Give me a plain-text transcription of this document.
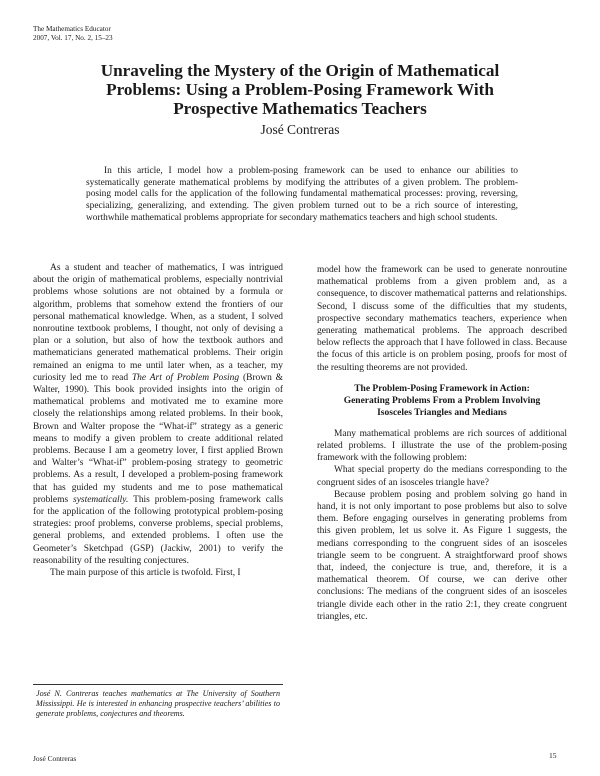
The Mathematics Educator
2007, Vol. 17, No. 2, 15–23
Unraveling the Mystery of the Origin of Mathematical
Problems: Using a Problem-Posing Framework With
Prospective Mathematics Teachers
José Contreras

In this article, I model how a problem-posing framework can be used to enhance our abilities to systematically generate mathematical problems by modifying the attributes of a given problem. The problem-posing model calls for the application of the following fundamental mathematical processes: proving, reversing, specializing, generalizing, and extending. The given problem turned out to be a rich source of interesting, worthwhile mathematical problems appropriate for secondary mathematics teachers and high school students.

As a student and teacher of mathematics, I was intrigued about the origin of mathematical problems, especially nontrivial problems whose solutions are not obtained by a formula or algorithm, problems that somehow extend the frontiers of our personal mathematical knowledge. When, as a student, I solved nonroutine textbook problems, I thought, not only of devising a plan or a solution, but also of how the textbook authors and mathematicians generated mathematical problems. Their origin remained an enigma to me until later when, as a teacher, my curiosity led me to read The Art of Problem Posing (Brown & Walter, 1990). This book provided insights into the origin of mathematical problems and motivated me to examine more closely the relationships among related problems. In their book, Brown and Walter propose the “What-if” strategy as a generic means to modify a given problem to create additional related problems. Because I am a geometry lover, I first applied Brown and Walter’s “What-if” problem-posing strategy to geometric problems. As a result, I developed a problem-posing framework that has guided my students and me to pose mathematical problems systematically. This problem-posing framework calls for the application of the following prototypical problem-posing strategies: proof problems, converse problems, special problems, general problems, and extended problems. I often use the Geometer’s Sketchpad (GSP) (Jackiw, 2001) to verify the reasonability of the resulting conjectures.

The main purpose of this article is twofold. First, I

model how the framework can be used to generate nonroutine mathematical problems from a given problem and, as a consequence, to discover mathematical patterns and relationships. Second, I discuss some of the difficulties that my students, prospective secondary mathematics teachers, experience when generating mathematical problems. The approach described below reflects the approach that I have followed in class. Because the focus of this article is on problem posing, proofs for most of the resulting theorems are not provided.

The Problem-Posing Framework in Action:
Generating Problems From a Problem Involving
Isosceles Triangles and Medians

Many mathematical problems are rich sources of additional related problems. I illustrate the use of the problem-posing framework with the following problem:

What special property do the medians corresponding to the congruent sides of an isosceles triangle have?

Because problem posing and problem solving go hand in hand, it is not only important to pose problems but also to solve them. Before engaging ourselves in generating problems from this given problem, let us solve it. As Figure 1 suggests, the medians corresponding to the congruent sides of an isosceles triangle seem to be congruent. A straightforward proof shows that, indeed, the conjecture is true, and, therefore, it is a mathematical theorem. Of course, we can derive other conclusions: The medians of the congruent sides of an isosceles triangle divide each other in the ratio 2:1, they create congruent triangles, etc.

José N. Contreras teaches mathematics at The University of Southern Mississippi. He is interested in enhancing prospective teachers’ abilities to generate problems, conjectures and theorems.
José Contreras	15
